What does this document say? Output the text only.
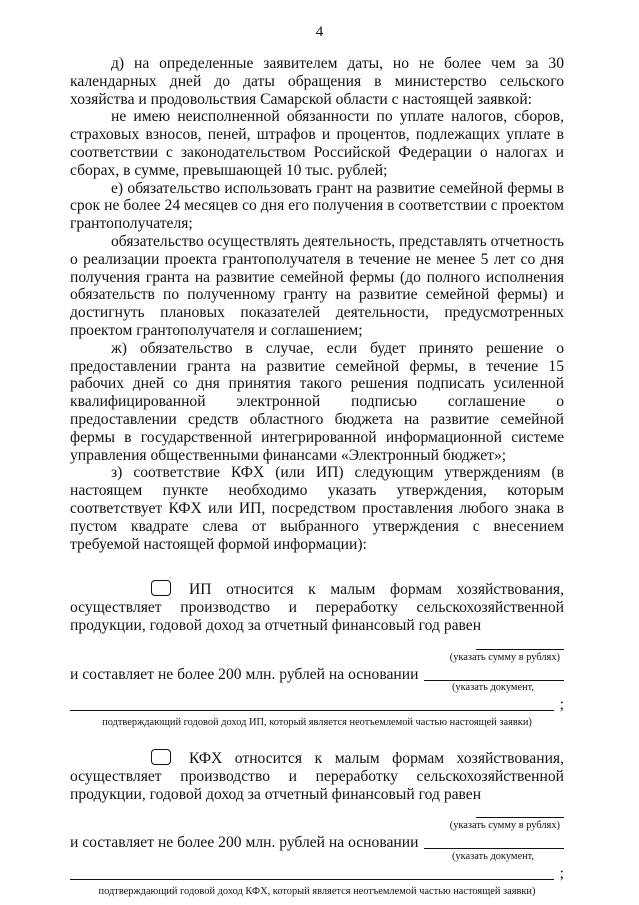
4

д) на определенные заявителем даты, но не более чем за 30 календарных дней до даты обращения в министерство сельского хозяйства и продовольствия Самарской области с настоящей заявкой:

не имею неисполненной обязанности по уплате налогов, сборов, страховых взносов, пеней, штрафов и процентов, подлежащих уплате в соответствии с законодательством Российской Федерации о налогах и сборах, в сумме, превышающей 10 тыс. рублей;

е) обязательство использовать грант на развитие семейной фермы в срок не более 24 месяцев со дня его получения в соответствии с проектом грантополучателя;

обязательство осуществлять деятельность, представлять отчетность о реализации проекта грантополучателя в течение не менее 5 лет со дня получения гранта на развитие семейной фермы (до полного исполнения обязательств по полученному гранту на развитие семейной фермы) и достигнуть плановых показателей деятельности, предусмотренных проектом грантополучателя и соглашением;

ж) обязательство в случае, если будет принято решение о предоставлении гранта на развитие семейной фермы, в течение 15 рабочих дней со дня принятия такого решения подписать усиленной квалифицированной электронной подписью соглашение о предоставлении средств областного бюджета на развитие семейной фермы в государственной интегрированной информационной системе управления общественными финансами «Электронный бюджет»;

з) соответствие КФХ (или ИП) следующим утверждениям (в настоящем пункте необходимо указать утверждения, которым соответствует КФХ или ИП, посредством проставления любого знака в пустом квадрате слева от выбранного утверждения с внесением требуемой настоящей формой информации):

ИП относится к малым формам хозяйствования, осуществляет производство и переработку сельскохозяйственной продукции, годовой доход за отчетный финансовый год равен

(указать сумму в рублях)
и составляет не более 200 млн. рублей на основании
(указать документ,
;
подтверждающий годовой доход ИП, который является неотъемлемой частью настоящей заявки)

КФХ относится к малым формам хозяйствования, осуществляет производство и переработку сельскохозяйственной продукции, годовой доход за отчетный финансовый год равен

(указать сумму в рублях)
и составляет не более 200 млн. рублей на основании
(указать документ,
;
подтверждающий годовой доход КФХ, который является неотъемлемой частью настоящей заявки)
